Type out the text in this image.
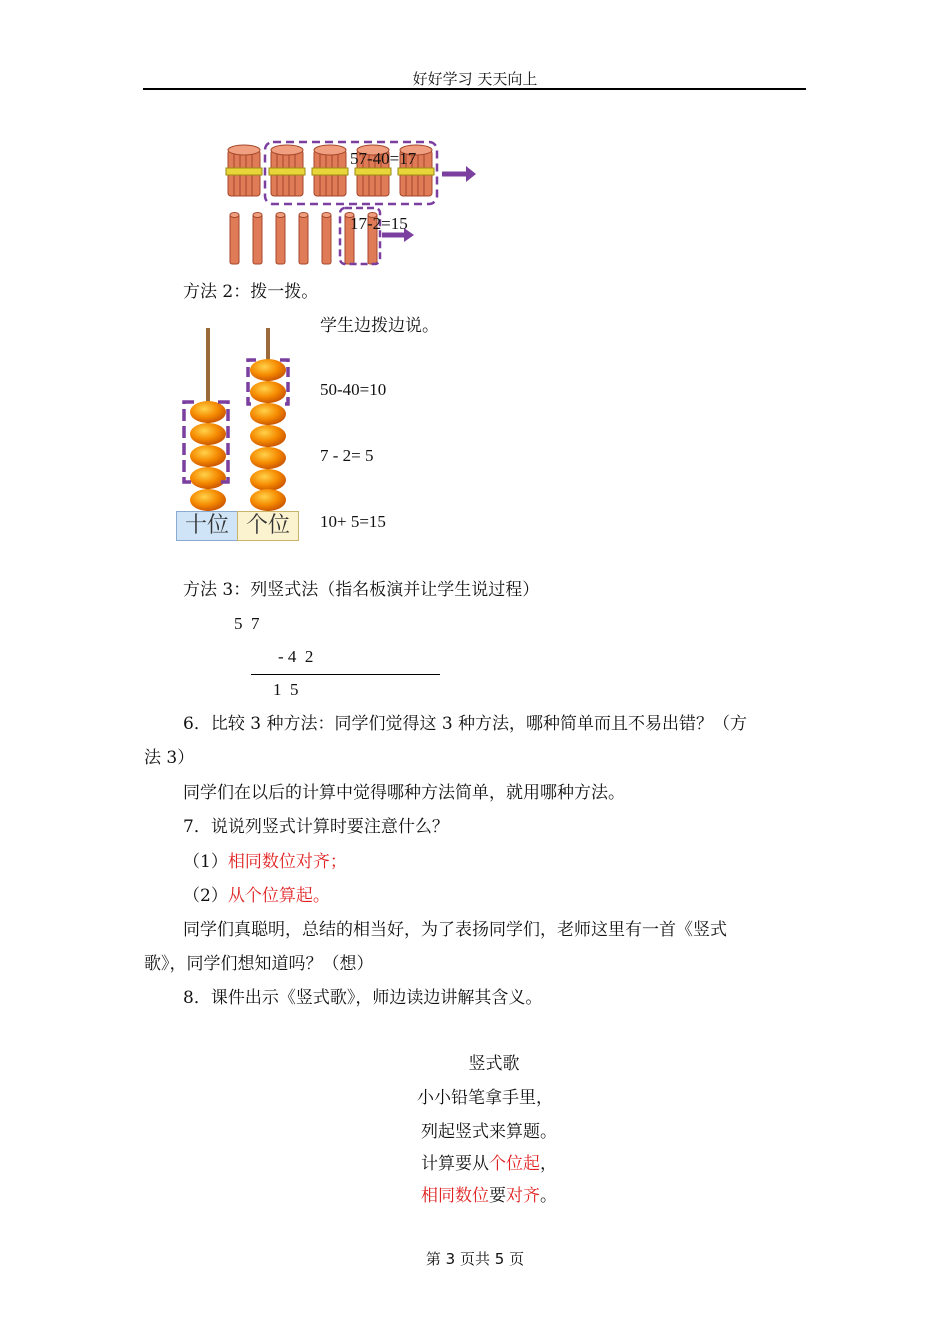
好好学习 天天向上
57-40=17
17-2=15
方法 2：拨一拨。
十位 个位
学生边拨边说。
50-40=10
7 - 2= 5
10+ 5=15
方法 3：列竖式法（指名板演并让学生说过程）
5  7
- 4  2
1  5
6．比较 3 种方法：同学们觉得这 3 种方法，哪种简单而且不易出错？（方
法 3）
同学们在以后的计算中觉得哪种方法简单，就用哪种方法。
7．说说列竖式计算时要注意什么？
（1）相同数位对齐；
（2）从个位算起。
同学们真聪明，总结的相当好，为了表扬同学们，老师这里有一首《竖式
歌》，同学们想知道吗？（想）
8．课件出示《竖式歌》，师边读边讲解其含义。
竖式歌
小小铅笔拿手里，
列起竖式来算题。
计算要从个位起，
相同数位要对齐。
第 3 页共 5 页
